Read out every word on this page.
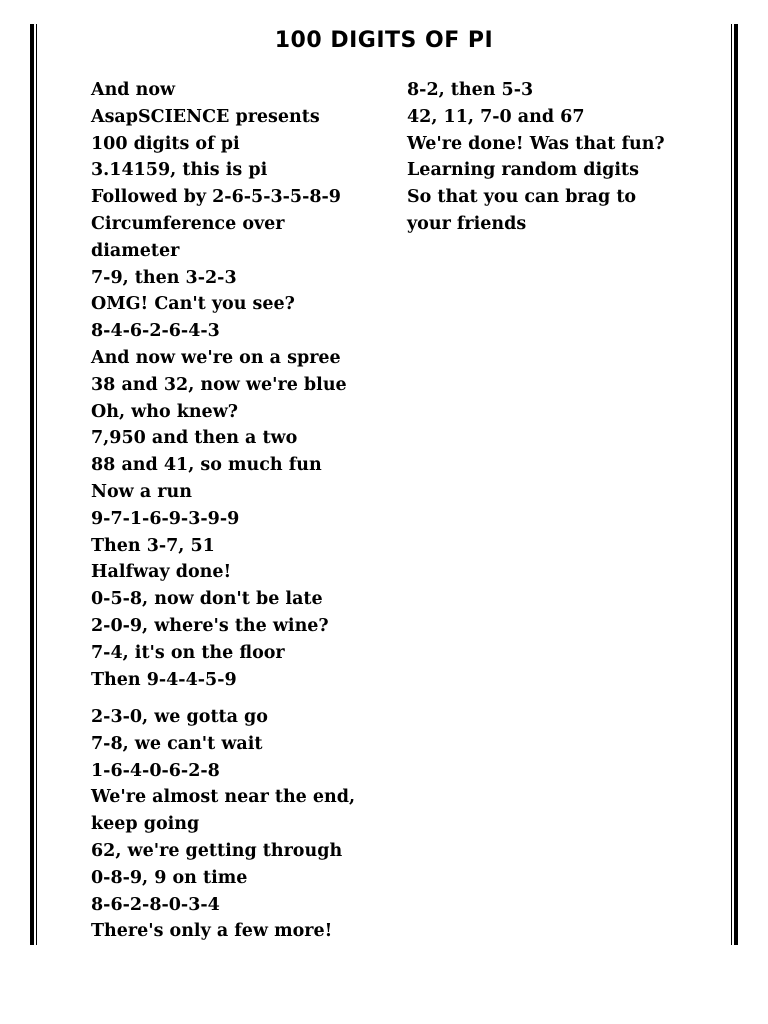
100 DIGITS OF PI
And now
AsapSCIENCE presents
100 digits of pi
3.14159, this is pi
Followed by 2-6-5-3-5-8-9
Circumference over
diameter
7-9, then 3-2-3
OMG! Can't you see?
8-4-6-2-6-4-3
And now we're on a spree
38 and 32, now we're blue
Oh, who knew?
7,950 and then a two
88 and 41, so much fun
Now a run
9-7-1-6-9-3-9-9
Then 3-7, 51
Halfway done!
0-5-8, now don't be late
2-0-9, where's the wine?
7-4, it's on the floor
Then 9-4-4-5-9
2-3-0, we gotta go
7-8, we can't wait
1-6-4-0-6-2-8
We're almost near the end,
keep going
62, we're getting through
0-8-9, 9 on time
8-6-2-8-0-3-4
There's only a few more!
8-2, then 5-3
42, 11, 7-0 and 67
We're done! Was that fun?
Learning random digits
So that you can brag to
your friends
